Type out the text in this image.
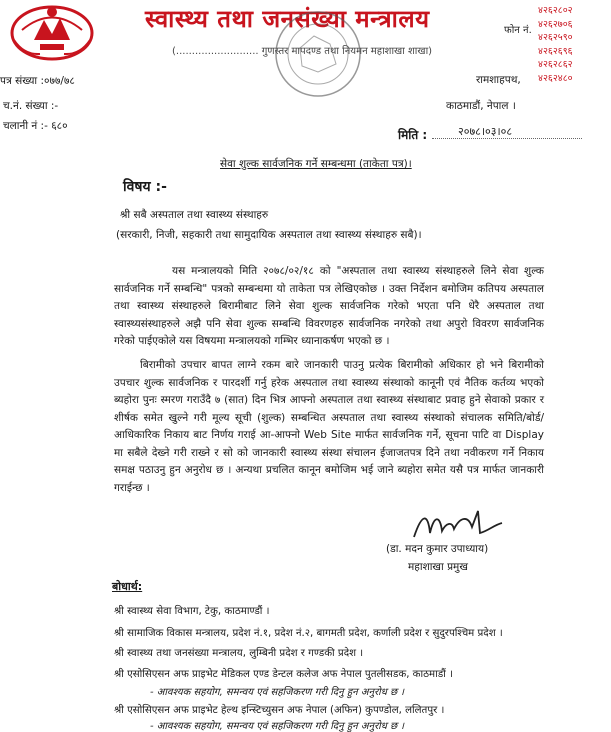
स्वास्थ्य तथा जनसंख्या मन्त्रालय
(.......................... गुणस्तर मापदण्ड तथा नियमन महाशाखा शाखा)
फोन नं.
४२६२८०२
४२६२७०६
४२६२५९०
४२६२६९६
४२६२८६२
४२६२४८०
रामशाहपथ,
काठमाडौं, नेपाल ।
पत्र संख्या :०७७/७८
च.नं. संख्या :-
चलानी नं :- ६८०
मिति :	२०७८।०३।०८
सेवा शुल्क सार्वजनिक गर्ने सम्बन्धमा (ताकेता पत्र)।
विषय :-
श्री सबै अस्पताल तथा स्वास्थ्य संस्थाहरु
(सरकारी, निजी, सहकारी तथा सामुदायिक अस्पताल तथा स्वास्थ्य संस्थाहरु सबै)।
यस मन्त्रालयको मिति २०७८/०२/१८ को "अस्पताल तथा स्वास्थ्य संस्थाहरुले लिने सेवा शुल्क सार्वजनिक गर्ने सम्बन्धि" पत्रको सम्बन्धमा यो ताकेता पत्र लेखिएकोछ । उक्त निर्देशन बमोजिम कतिपय अस्पताल तथा स्वास्थ्य संस्थाहरुले बिरामीबाट लिने सेवा शुल्क सार्वजनिक गरेको भएता पनि धेरै अस्पताल तथा स्वास्थ्यसंस्थाहरुले अझै पनि सेवा शुल्क सम्बन्धि विवरणहरु सार्वजनिक नगरेको तथा अपुरो विवरण सार्वजनिक गरेको पाईएकोले यस विषयमा मन्त्रालयको गम्भिर ध्यानाकर्षण भएको छ ।
बिरामीको उपचार बापत लाग्ने रकम बारे जानकारी पाउनु प्रत्येक बिरामीको अधिकार हो भने बिरामीको उपचार शुल्क सार्वजनिक र पारदर्शी गर्नु हरेक अस्पताल तथा स्वास्थ्य संस्थाको कानूनी एवं नैतिक कर्तव्य भएको ब्यहोरा पुनः स्मरण गराउँदै ७ (सात) दिन भित्र आफ्नो अस्पताल तथा स्वास्थ्य संस्थाबाट प्रवाह हुने सेवाको प्रकार र शीर्षक समेत खुल्ने गरी मूल्य सूची (शुल्क) सम्बन्धित अस्पताल तथा स्वास्थ्य संस्थाको संचालक समिति/बोर्ड/आधिकारिक निकाय बाट निर्णय गराई आ-आफ्नो Web Site मार्फत सार्वजनिक गर्ने, सूचना पाटि वा Display मा सबैले देख्ने गरी राख्ने र सो को जानकारी स्वास्थ्य संस्था संचालन ईजाजतपत्र दिने तथा नवीकरण गर्ने निकाय समक्ष पठाउनु हुन अनुरोध छ । अन्यथा प्रचलित कानून बमोजिम भई जाने ब्यहोरा समेत यसै पत्र मार्फत जानकारी गराईन्छ ।
(डा. मदन कुमार उपाध्याय)
महाशाखा प्रमुख
बोधार्थ:
श्री स्वास्थ्य सेवा विभाग, टेकु, काठमाण्डौं ।
श्री सामाजिक विकास मन्त्रालय, प्रदेश नं.१, प्रदेश नं.२, बागमती प्रदेश, कर्णाली प्रदेश र सुदुरपश्चिम प्रदेश ।
श्री स्वास्थ्य तथा जनसंख्या मन्त्रालय, लुम्बिनी प्रदेश र गण्डकी प्रदेश ।
श्री एसोसिएसन अफ प्राइभेट मेडिकल एण्ड डेन्टल कलेज अफ नेपाल पुतलीसडक, काठमाडौं ।
- आवश्यक सहयोग, समन्वय एवं सहजिकरण गरी दिनु हुन अनुरोध छ ।
श्री एसोसिएसन अफ प्राइभेट हेल्थ इन्स्टिच्युसन अफ नेपाल (अफिन) कुपण्डोल, ललितपुर ।
- आवश्यक सहयोग, समन्वय एवं सहजिकरण गरी दिनु हुन अनुरोध छ ।
